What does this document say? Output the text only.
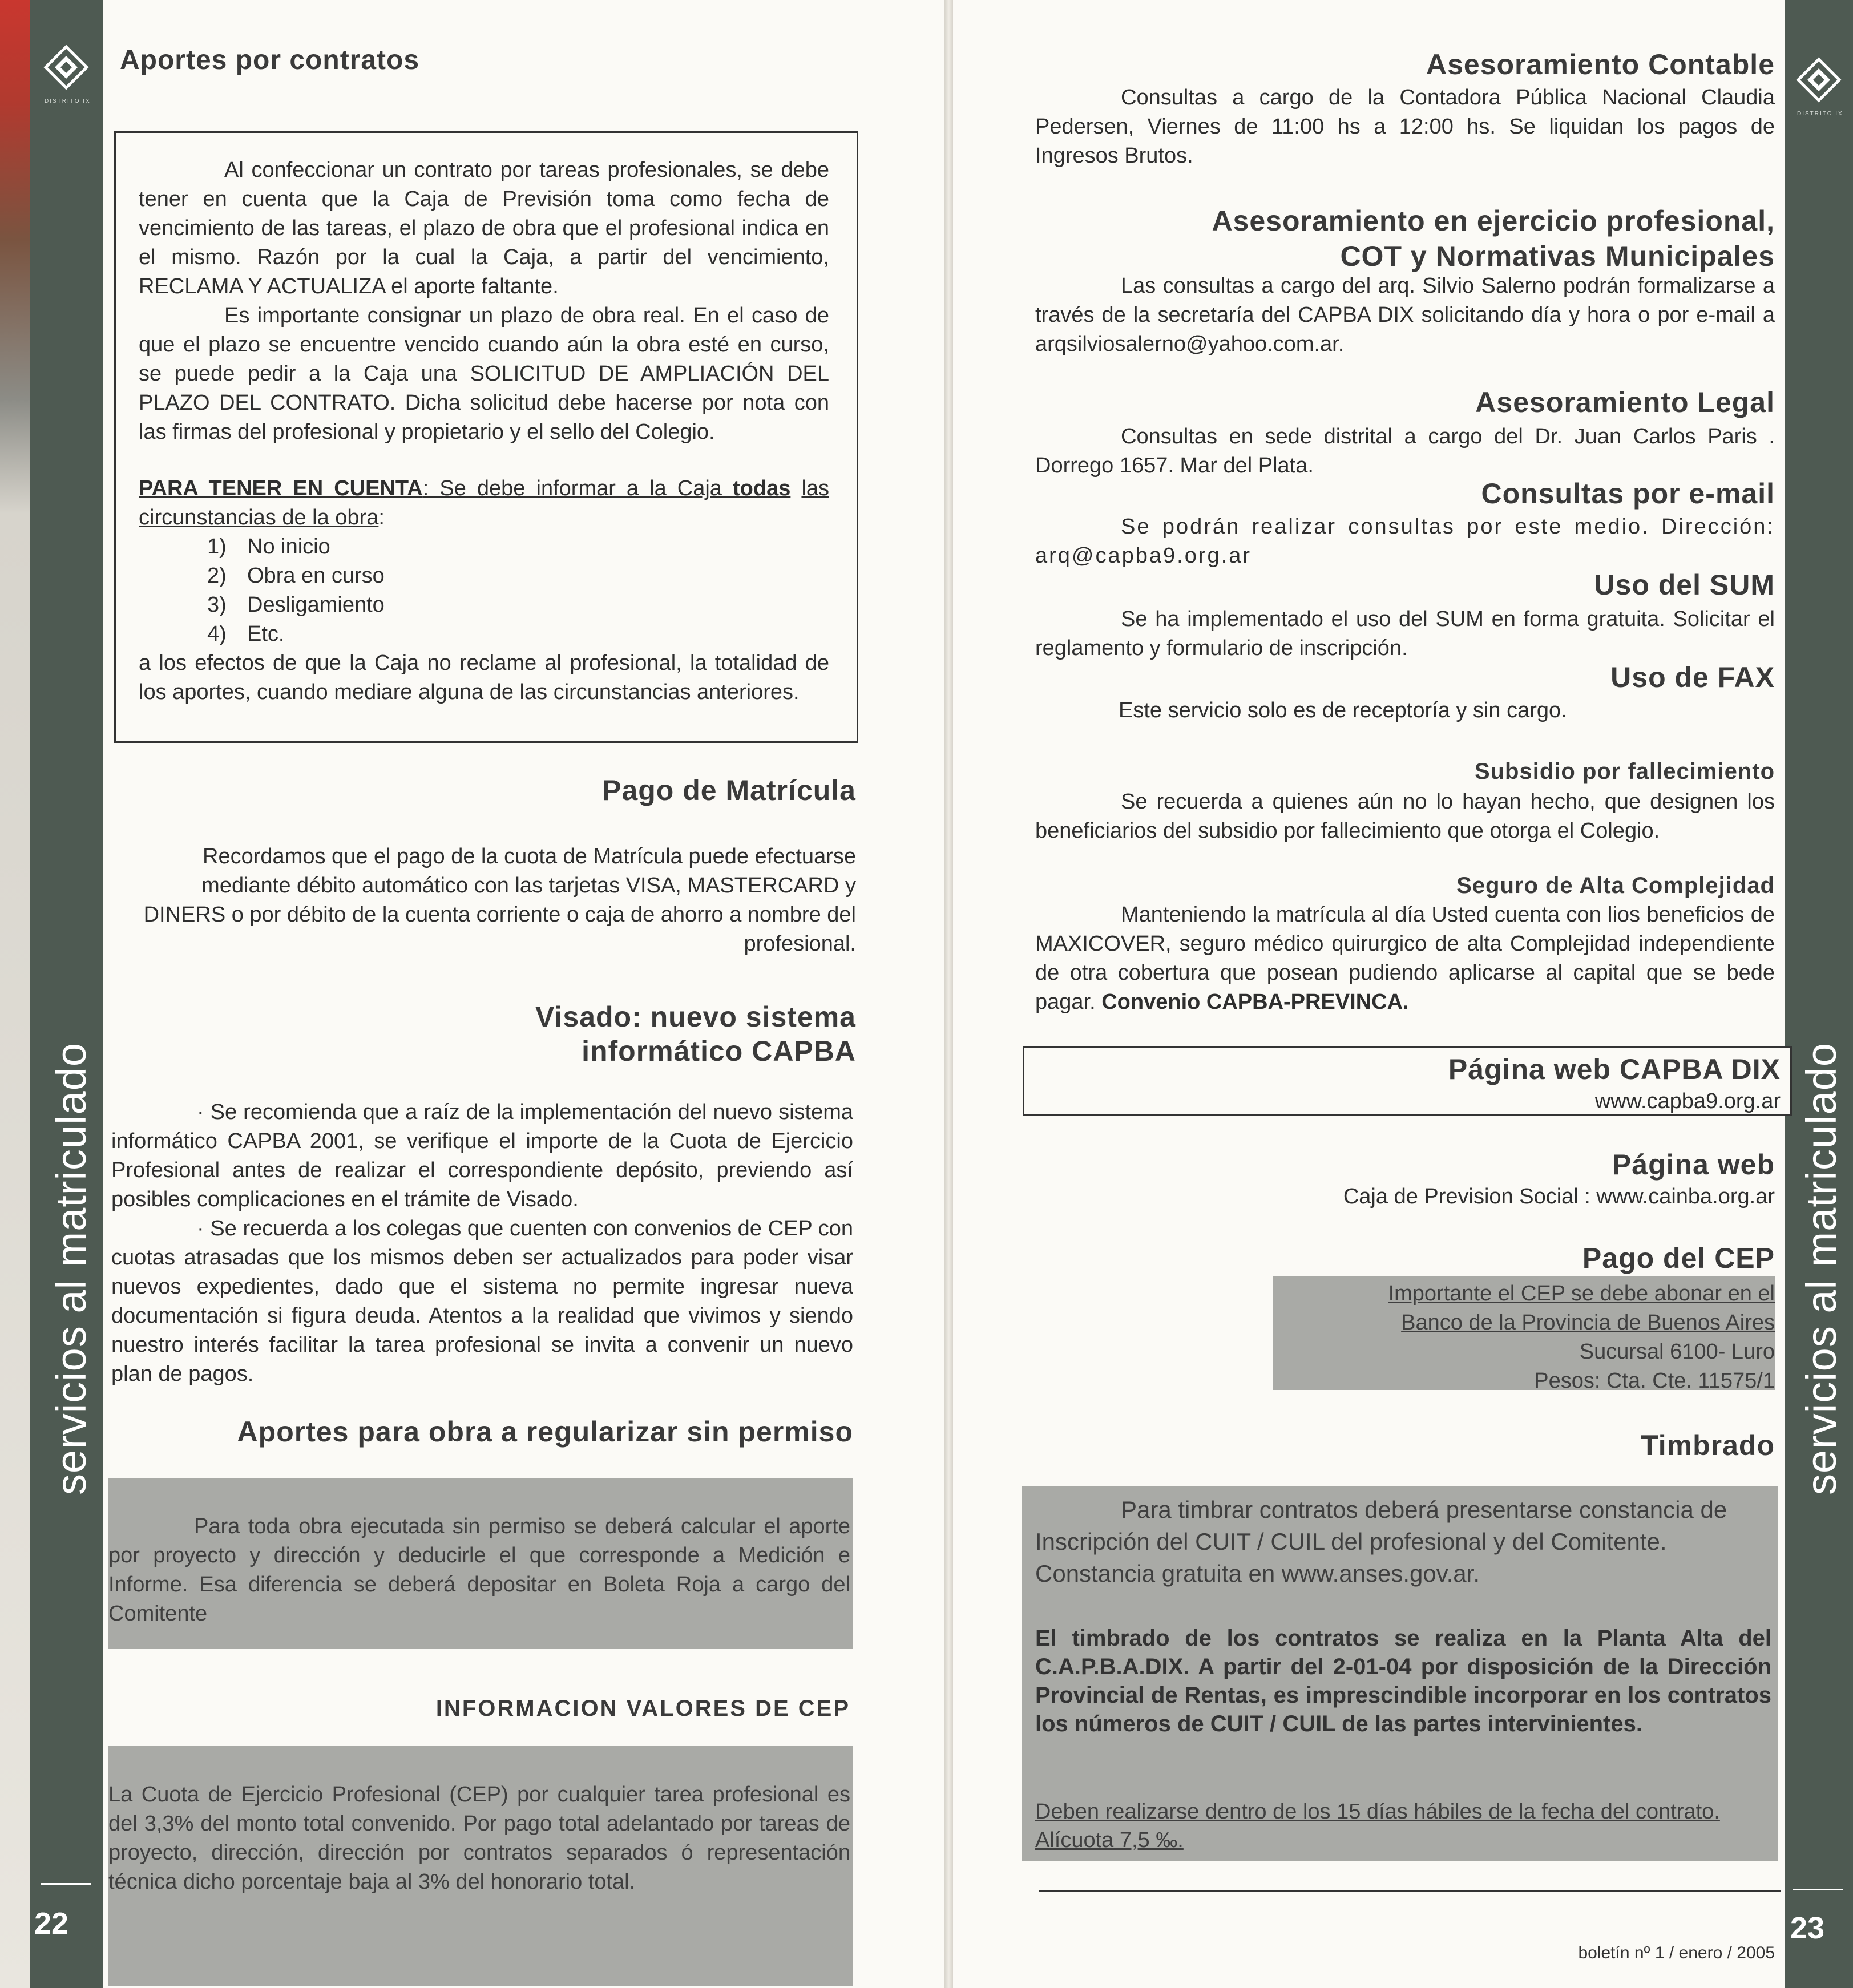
DISTRITO IX
servicios al matriculado
22
Aportes por contratos

Al confeccionar un contrato por tareas profesionales, se debe tener en cuenta que la Caja de Previsión toma como fecha de vencimiento de las tareas, el plazo de obra que el profesional indica en el mismo. Razón por la cual la Caja, a partir del vencimiento, RECLAMA Y ACTUALIZA el aporte faltante.

Es importante consignar un plazo de obra real. En el caso de que el plazo se encuentre vencido cuando aún la obra esté en curso, se puede pedir a la Caja una SOLICITUD DE AMPLIACIÓN DEL PLAZO DEL CONTRATO. Dicha solicitud debe hacerse por nota con las firmas del profesional y propietario y el sello del Colegio.

PARA TENER EN CUENTA: Se debe informar a la Caja todas las circunstancias de la obra:

1) No inicio
2) Obra en curso
3) Desligamiento
4) Etc.

a los efectos de que la Caja no reclame al profesional, la totalidad de los aportes, cuando mediare alguna de las circunstancias anteriores.

Pago de Matrícula
Recordamos que el pago de la cuota de Matrícula puede efectuarse mediante débito automático con las tarjetas VISA, MASTERCARD y DINERS o por débito de la cuenta corriente o caja de ahorro a nombre del profesional.
Visado: nuevo sistema
informático CAPBA

· Se recomienda que a raíz de la implementación del nuevo sistema informático CAPBA 2001, se verifique el importe de la Cuota de Ejercicio Profesional antes de realizar el correspondiente depósito, previendo así posibles complicaciones en el trámite de Visado.

· Se recuerda a los colegas que cuenten con convenios de CEP con cuotas atrasadas que los mismos deben ser actualizados para poder visar nuevos expedientes, dado que el sistema no permite ingresar nueva documentación si figura deuda. Atentos a la realidad que vivimos y siendo nuestro interés facilitar la tarea profesional se invita a convenir un nuevo plan de pagos.

Aportes para obra a regularizar sin permiso
Para toda obra ejecutada sin permiso se deberá calcular el aporte por proyecto y dirección y deducirle el que corresponde a Medición e Informe. Esa diferencia se deberá depositar en Boleta Roja a cargo del Comitente
INFORMACION VALORES DE CEP
La Cuota de Ejercicio Profesional (CEP) por cualquier tarea profesional es del 3,3% del monto total convenido. Por pago total adelantado por tareas de proyecto, dirección, dirección por contratos separados ó representación técnica dicho porcentaje baja al 3% del honorario total.
DISTRITO IX
servicios al matriculado
23
Asesoramiento Contable
Consultas a cargo de la Contadora Pública Nacional Claudia Pedersen, Viernes de 11:00 hs a 12:00 hs. Se liquidan los pagos de Ingresos Brutos.
Asesoramiento en ejercicio profesional,
COT y Normativas Municipales
Las consultas a cargo del arq. Silvio Salerno podrán formalizarse a través de la secretaría del CAPBA DIX solicitando día y hora o por e-mail a arqsilviosalerno@yahoo.com.ar.
Asesoramiento Legal
Consultas en sede distrital a cargo del Dr. Juan Carlos Paris . Dorrego 1657. Mar del Plata.
Consultas por e-mail
Se podrán realizar consultas por este medio. Dirección: arq@capba9.org.ar
Uso del SUM
Se ha implementado el uso del SUM en forma gratuita. Solicitar el reglamento y formulario de inscripción.
Uso de FAX
Este servicio solo es de receptoría y sin cargo.
Subsidio por fallecimiento
Se recuerda a quienes aún no lo hayan hecho, que designen los beneficiarios del subsidio por fallecimiento que otorga el Colegio.
Seguro de Alta Complejidad
Manteniendo la matrícula al día Usted cuenta con lios beneficios de MAXICOVER, seguro médico quirurgico de alta Complejidad independiente de otra cobertura que posean pudiendo aplicarse al capital que se bede pagar. Convenio CAPBA-PREVINCA.
Página web CAPBA DIX
www.capba9.org.ar
Página web
Caja de Prevision Social : www.cainba.org.ar
Pago del CEP
Importante el CEP se debe abonar en el
Banco de la Provincia de Buenos Aires
Sucursal 6100- Luro
Pesos: Cta. Cte. 11575/1
Timbrado
Para timbrar contratos deberá presentarse constancia de Inscripción del CUIT / CUIL del profesional y del Comitente. Constancia gratuita en www.anses.gov.ar.
El timbrado de los contratos se realiza en la Planta Alta del C.A.P.B.A.DIX. A partir del 2-01-04 por disposición de la Dirección Provincial de Rentas, es imprescindible incorporar en los contratos los números de CUIT / CUIL de las partes intervinientes.
Deben realizarse dentro de los 15 días hábiles de la fecha del contrato. Alícuota 7,5 ‰.
boletín nº 1 / enero / 2005
